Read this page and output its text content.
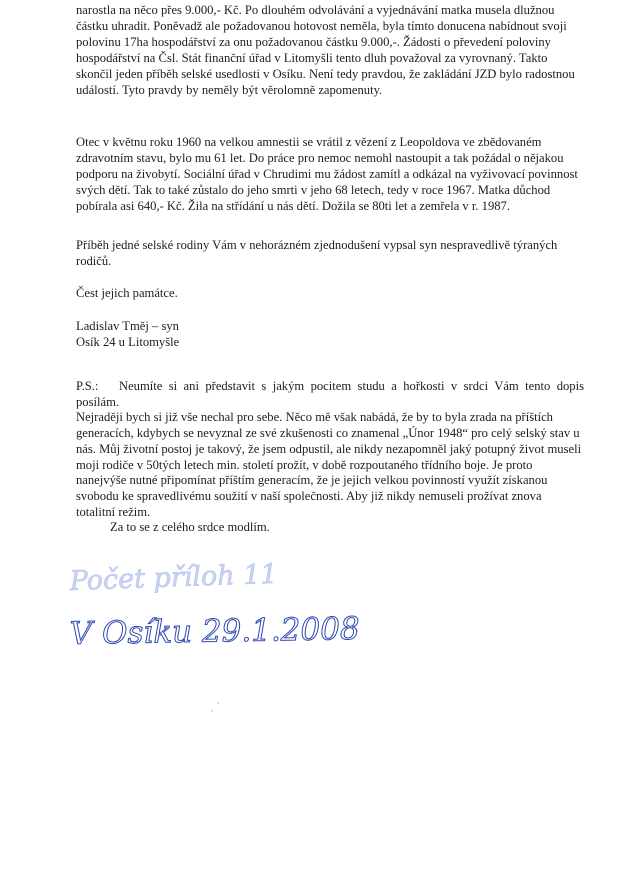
narostla na něco přes 9.000,- Kč. Po dlouhém odvolávání a vyjednávání matka musela dlužnou
částku uhradit. Poněvadž ale požadovanou hotovost neměla, byla tímto donucena nabídnout svoji
polovinu 17ha hospodářství za onu požadovanou částku 9.000,-. Žádosti o převedení poloviny
hospodářství na Čsl. Stát finanční úřad v Litomyšli tento dluh považoval za vyrovnaný. Takto
skončil jeden příběh selské usedlosti v Osíku. Není tedy pravdou, že zakládání JZD bylo radostnou
událostí. Tyto pravdy by neměly být věrolomně zapomenuty.
Otec v květnu roku 1960 na velkou amnestii se vrátil z vězení z Leopoldova ve zbědovaném
zdravotním stavu, bylo mu 61 let. Do práce pro nemoc nemohl nastoupit a tak požádal o nějakou
podporu na živobytí. Sociální úřad v Chrudimi mu žádost zamítl a odkázal na vyživovací povinnost
svých dětí. Tak to také zůstalo do jeho smrti v jeho 68 letech, tedy v roce 1967. Matka důchod
pobírala asi 640,- Kč. Žila na střídání u nás dětí. Dožila se 80ti let a zemřela v r. 1987.
Příběh jedné selské rodiny Vám v nehorázném zjednodušení vypsal syn nespravedlivě týraných
rodičů.
Čest jejich památce.
Ladislav Tměj – syn
Osík 24 u Litomyšle
P.S.:	Neumíte si ani představit s jakým pocitem studu a hořkosti v srdci Vám tento dopis posílám.
Nejraději bych si již vše nechal pro sebe. Něco mě však nabádá, že by to byla zrada na příštích
generacích, kdybych se nevyznal ze své zkušenosti co znamenal „Únor 1948“ pro celý selský stav u
nás. Můj životní postoj je takový, že jsem odpustil, ale nikdy nezapomněl jaký potupný život museli
moji rodiče v 50tých letech min. století prožít, v době rozpoutaného třídního boje. Je proto
nanejvýše nutné připomínat příštím generacím, že je jejich velkou povinností využít získanou
svobodu ke spravedlivému soužití v naší společnosti. Aby již nikdy nemuseli prožívat znova
totalitní režim.
Za to se z celého srdce modlím.
Počet příloh 11
V Osíku 29.1.2008
